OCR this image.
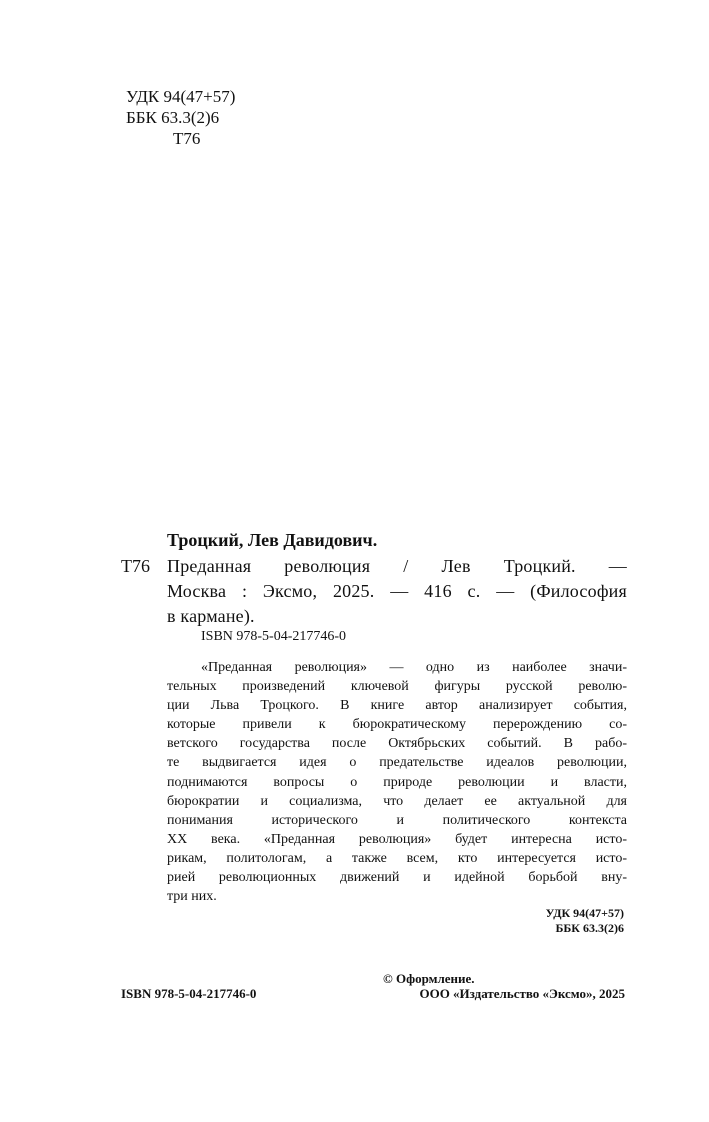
УДК 94(47+57)
ББК 63.3(2)6
Т76
Троцкий, Лев Давидович.
Т76 Преданная революция / Лев Троцкий. —
Москва : Эксмо, 2025. — 416 с. — (Философия
в кармане).
ISBN 978-5-04-217746-0
«Преданная революция» — одно из наиболее значи-
тельных произведений ключевой фигуры русской револю-
ции Льва Троцкого. В книге автор анализирует события,
которые привели к бюрократическому перерождению со-
ветского государства после Октябрьских событий. В рабо-
те выдвигается идея о предательстве идеалов революции,
поднимаются вопросы о природе революции и власти,
бюрократии и социализма, что делает ее актуальной для
понимания исторического и политического контекста
XX века. «Преданная революция» будет интересна исто-
рикам, политологам, а также всем, кто интересуется исто-
рией революционных движений и идейной борьбой вну-
три них.
УДК 94(47+57)
ББК 63.3(2)6
© Оформление.
ООО «Издательство «Эксмо», 2025
ISBN 978-5-04-217746-0
